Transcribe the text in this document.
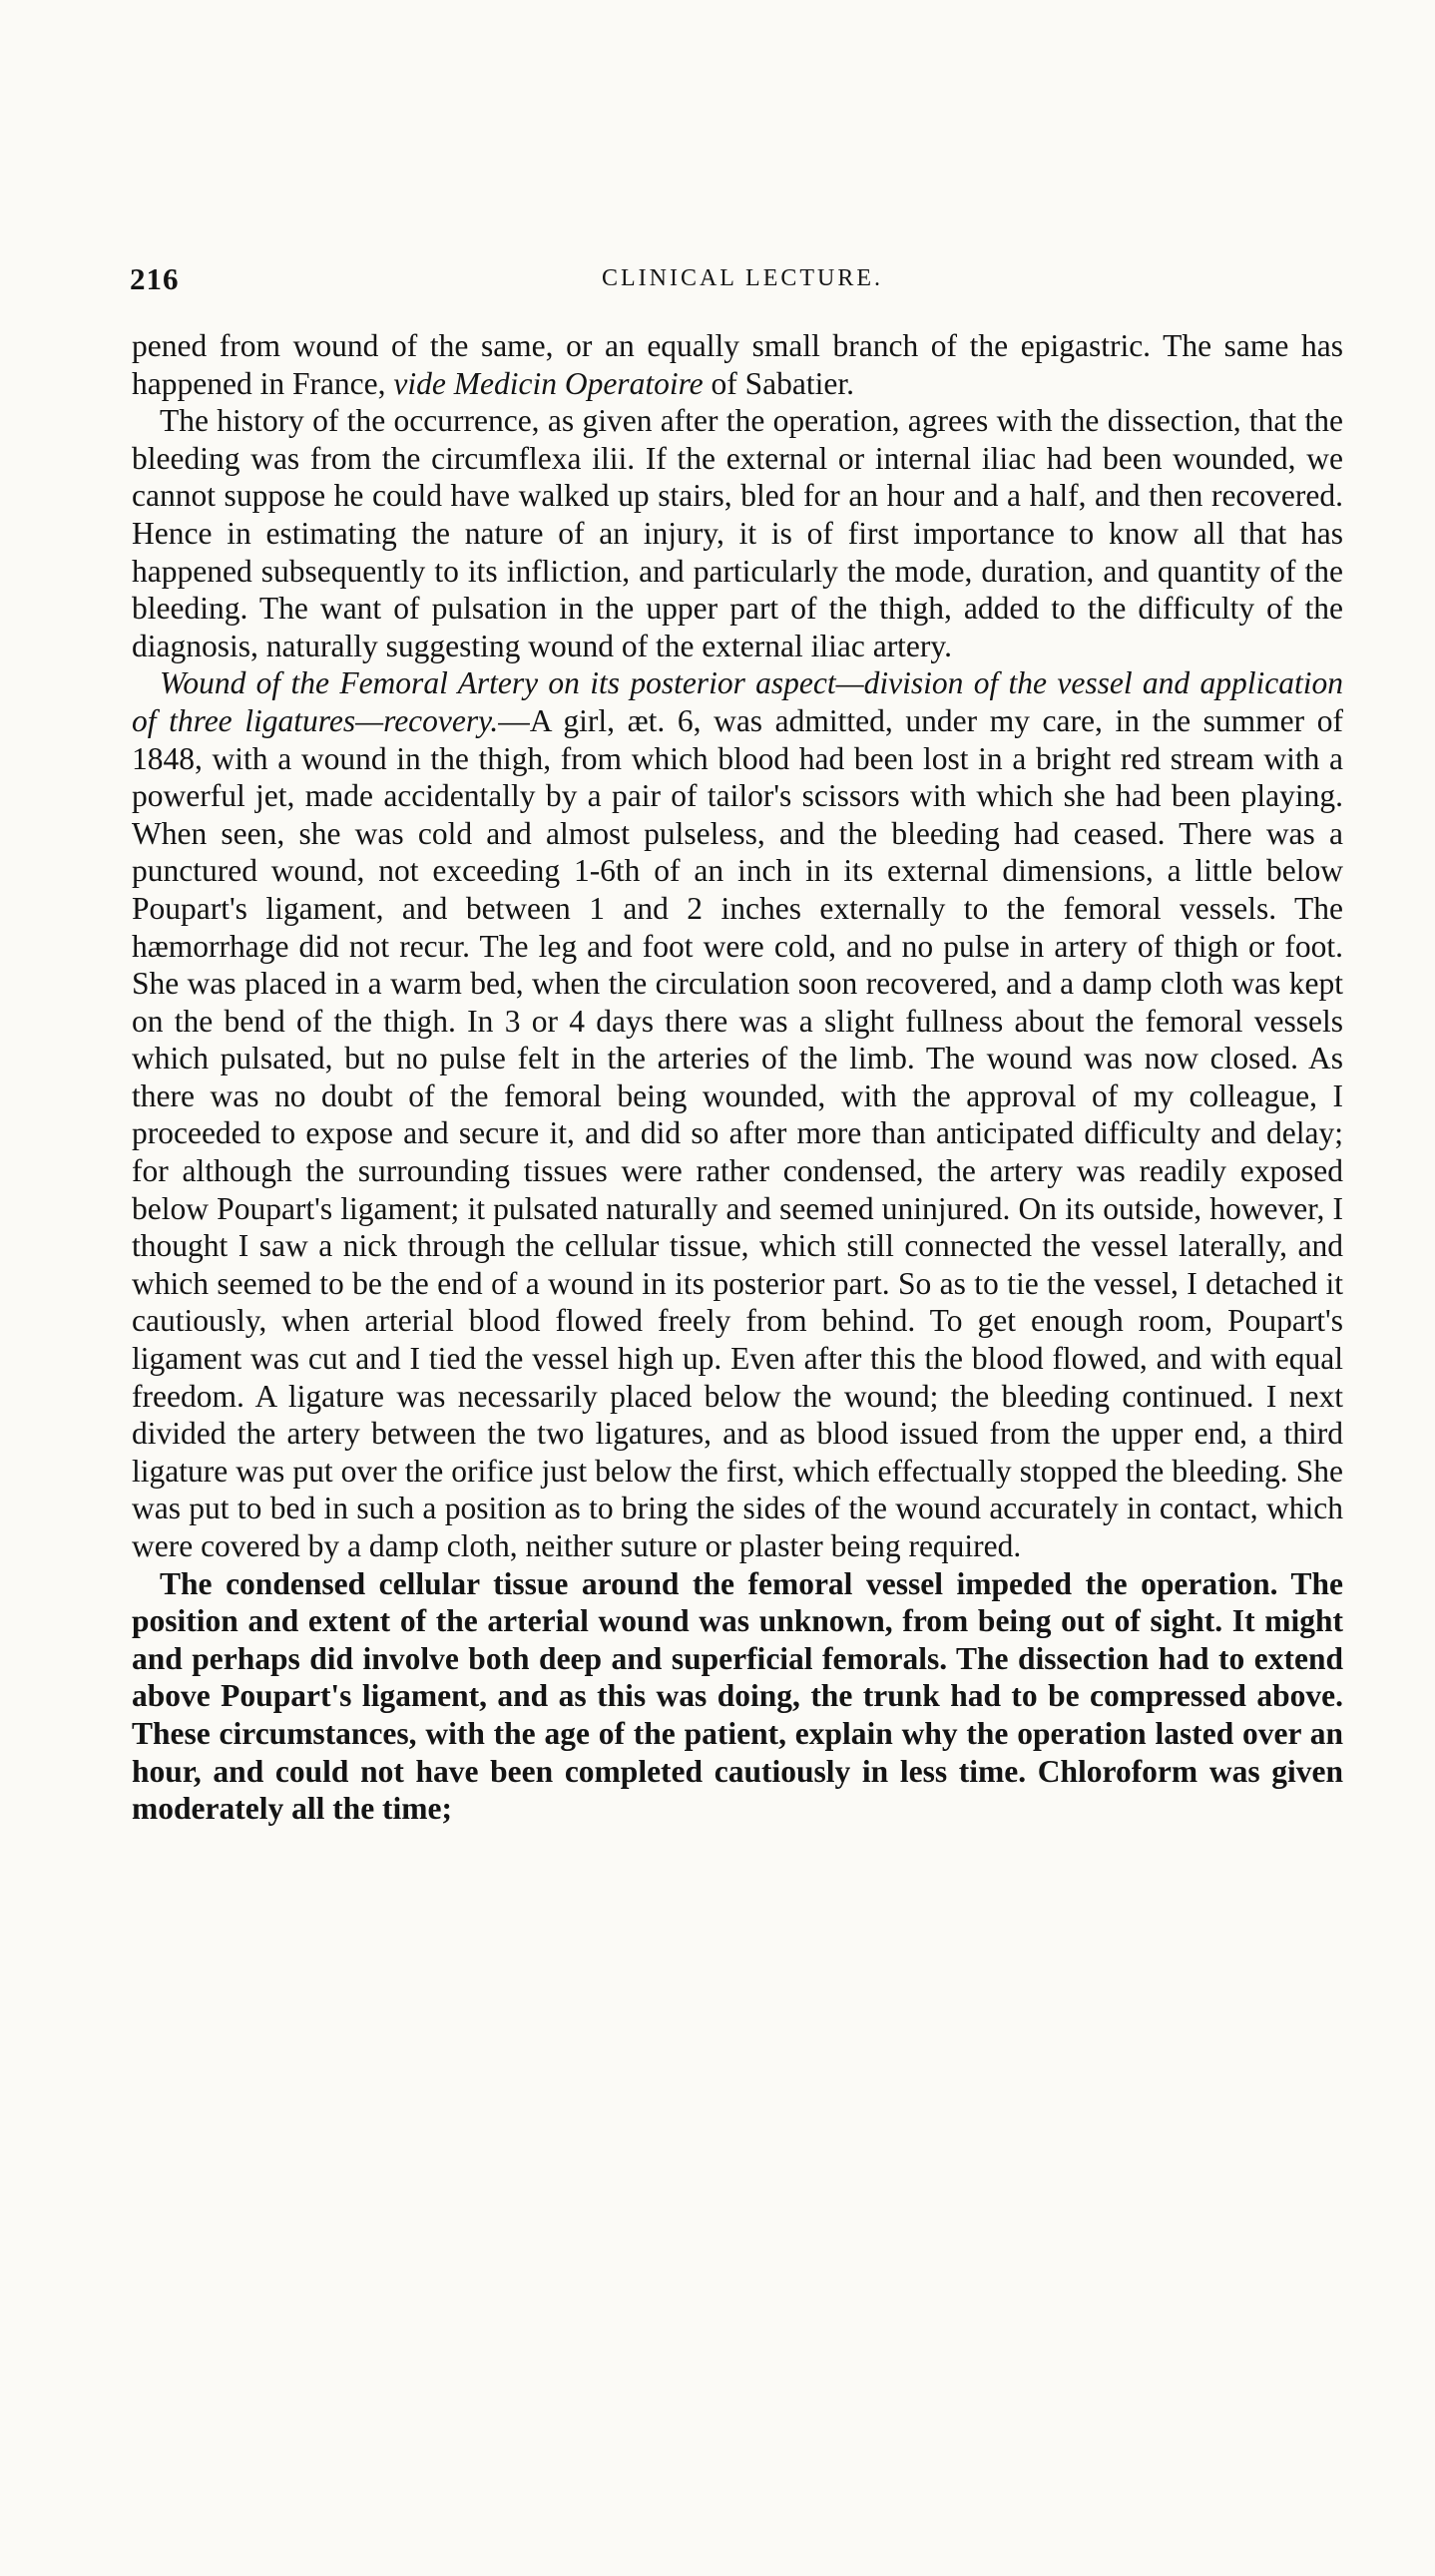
216	CLINICAL LECTURE.

pened from wound of the same, or an equally small branch of the epigastric. The same has happened in France, vide Medicin Operatoire of Sabatier.

The history of the occurrence, as given after the operation, agrees with the dissection, that the bleeding was from the circumflexa ilii. If the external or internal iliac had been wounded, we cannot suppose he could have walked up stairs, bled for an hour and a half, and then recovered. Hence in estimating the nature of an injury, it is of first importance to know all that has happened subsequently to its infliction, and particularly the mode, duration, and quantity of the bleeding. The want of pulsation in the upper part of the thigh, added to the difficulty of the diagnosis, naturally suggesting wound of the external iliac artery.

Wound of the Femoral Artery on its posterior aspect—division of the vessel and application of three ligatures—recovery.—A girl, æt. 6, was admitted, under my care, in the summer of 1848, with a wound in the thigh, from which blood had been lost in a bright red stream with a powerful jet, made accidentally by a pair of tailor's scissors with which she had been playing. When seen, she was cold and almost pulseless, and the bleeding had ceased. There was a punctured wound, not exceeding 1-6th of an inch in its external dimensions, a little below Poupart's ligament, and between 1 and 2 inches externally to the femoral vessels. The hæmorrhage did not recur. The leg and foot were cold, and no pulse in artery of thigh or foot. She was placed in a warm bed, when the circulation soon recovered, and a damp cloth was kept on the bend of the thigh. In 3 or 4 days there was a slight fullness about the femoral vessels which pulsated, but no pulse felt in the arteries of the limb. The wound was now closed. As there was no doubt of the femoral being wounded, with the approval of my colleague, I proceeded to expose and secure it, and did so after more than anticipated difficulty and delay; for although the surrounding tissues were rather condensed, the artery was readily exposed below Poupart's ligament; it pulsated naturally and seemed uninjured. On its outside, however, I thought I saw a nick through the cellular tissue, which still connected the vessel laterally, and which seemed to be the end of a wound in its posterior part. So as to tie the vessel, I detached it cautiously, when arterial blood flowed freely from behind. To get enough room, Poupart's ligament was cut and I tied the vessel high up. Even after this the blood flowed, and with equal freedom. A ligature was necessarily placed below the wound; the bleeding continued. I next divided the artery between the two ligatures, and as blood issued from the upper end, a third ligature was put over the orifice just below the first, which effectually stopped the bleeding. She was put to bed in such a position as to bring the sides of the wound accurately in contact, which were covered by a damp cloth, neither suture or plaster being required.

The condensed cellular tissue around the femoral vessel impeded the operation. The position and extent of the arterial wound was unknown, from being out of sight. It might and perhaps did involve both deep and superficial femorals. The dissection had to extend above Poupart's ligament, and as this was doing, the trunk had to be compressed above. These circumstances, with the age of the patient, explain why the operation lasted over an hour, and could not have been completed cautiously in less time. Chloroform was given moderately all the time;
